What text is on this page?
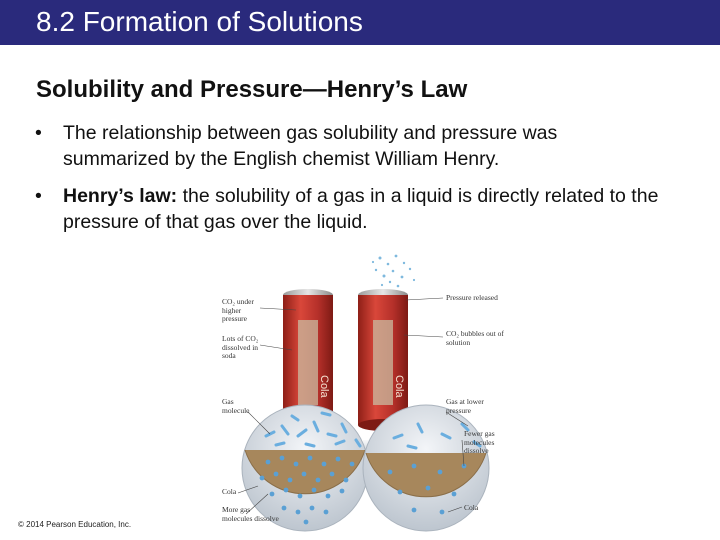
8.2 Formation of Solutions
Solubility and Pressure—Henry’s Law
• The relationship between gas solubility and pressure was summarized by the English chemist William Henry.
• Henry’s law: the solubility of a gas in a liquid is directly related to the pressure of that gas over the liquid.
Cola	Cola
CO₂ under higher pressure
Lots of CO₂ dissolved in soda
Gas molecule
Cola
More gas molecules dissolve
Pressure released
CO₂ bubbles out of solution
Gas at lower pressure
Fewer gas molecules dissolve
Cola
© 2014 Pearson Education, Inc.
